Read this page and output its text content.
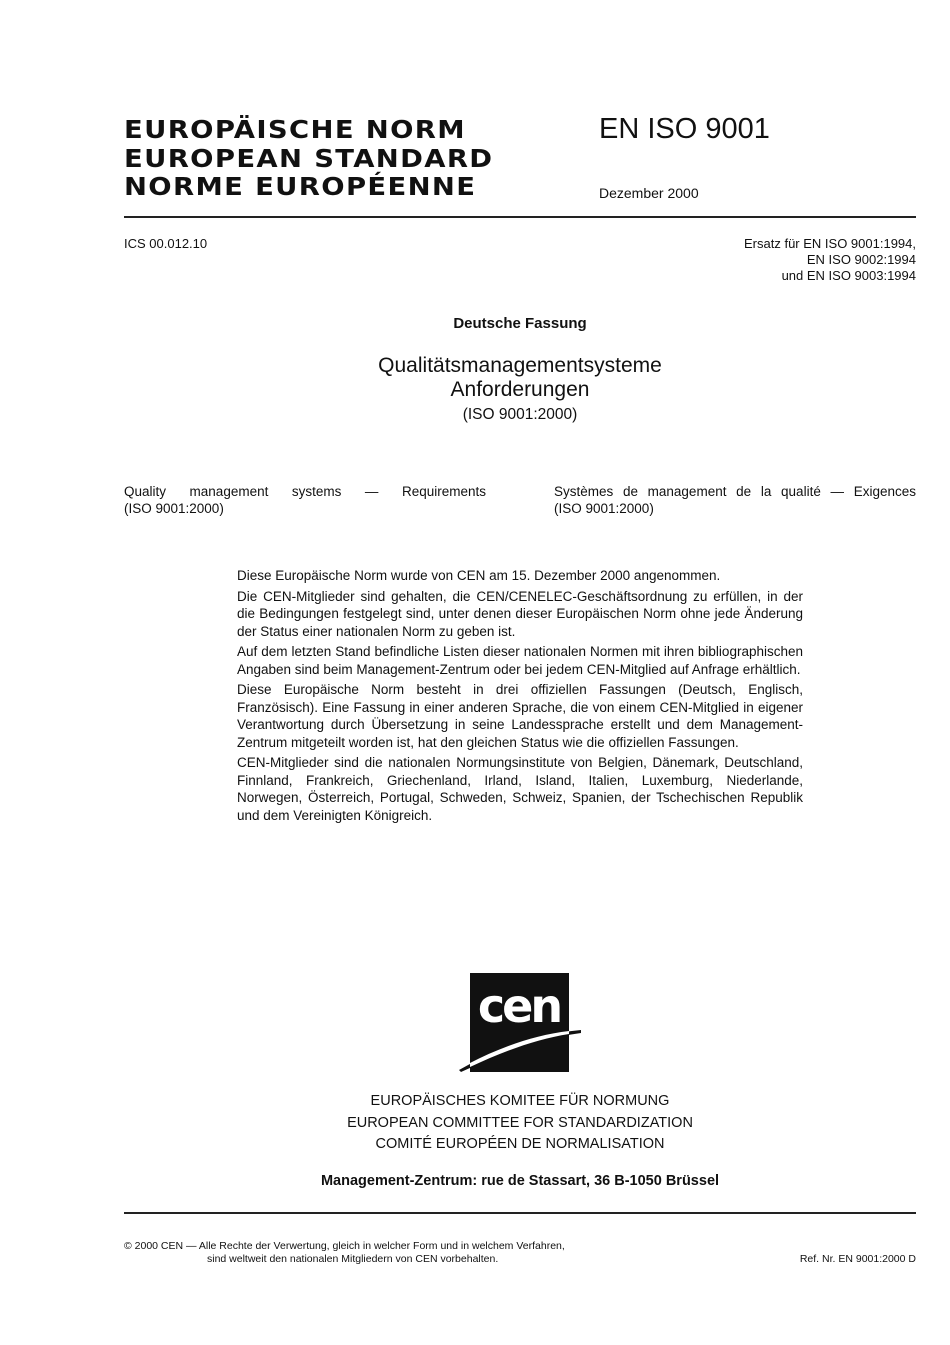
EUROPÄISCHE NORM
EUROPEAN STANDARD
NORME EUROPÉENNE
EN ISO 9001
Dezember 2000
ICS 00.012.10	Ersatz für EN ISO 9001:1994,
EN ISO 9002:1994
und EN ISO 9003:1994
Deutsche Fassung
Qualitätsmanagementsysteme
Anforderungen
(ISO 9001:2000)
Quality management systems — Requirements
(ISO 9001:2000)
Systèmes de management de la qualité — Exigences
(ISO 9001:2000)

Diese Europäische Norm wurde von CEN am 15. Dezember 2000 angenommen.

Die CEN-Mitglieder sind gehalten, die CEN/CENELEC-Geschäftsordnung zu erfüllen, in der die Bedingungen festgelegt sind, unter denen dieser Europäischen Norm ohne jede Änderung der Status einer nationalen Norm zu geben ist.

Auf dem letzten Stand befindliche Listen dieser nationalen Normen mit ihren bibliographischen Angaben sind beim Management-Zentrum oder bei jedem CEN-Mitglied auf Anfrage erhältlich.

Diese Europäische Norm besteht in drei offiziellen Fassungen (Deutsch, Englisch, Französisch). Eine Fassung in einer anderen Sprache, die von einem CEN-Mitglied in eigener Verantwortung durch Übersetzung in seine Landessprache erstellt und dem Management-Zentrum mitgeteilt worden ist, hat den gleichen Status wie die offiziellen Fassungen.

CEN-Mitglieder sind die nationalen Normungsinstitute von Belgien, Dänemark, Deutschland, Finnland, Frankreich, Griechenland, Irland, Island, Italien, Luxemburg, Niederlande, Norwegen, Österreich, Portugal, Schweden, Schweiz, Spanien, der Tschechischen Republik und dem Vereinigten Königreich.

cen
EUROPÄISCHES KOMITEE FÜR NORMUNG
EUROPEAN COMMITTEE FOR STANDARDIZATION
COMITÉ EUROPÉEN DE NORMALISATION
Management-Zentrum: rue de Stassart, 36 B-1050 Brüssel
© 2000 CEN — Alle Rechte der Verwertung, gleich in welcher Form und in welchem Verfahren,
sind weltweit den nationalen Mitgliedern von CEN vorbehalten.	Ref. Nr. EN 9001:2000 D
